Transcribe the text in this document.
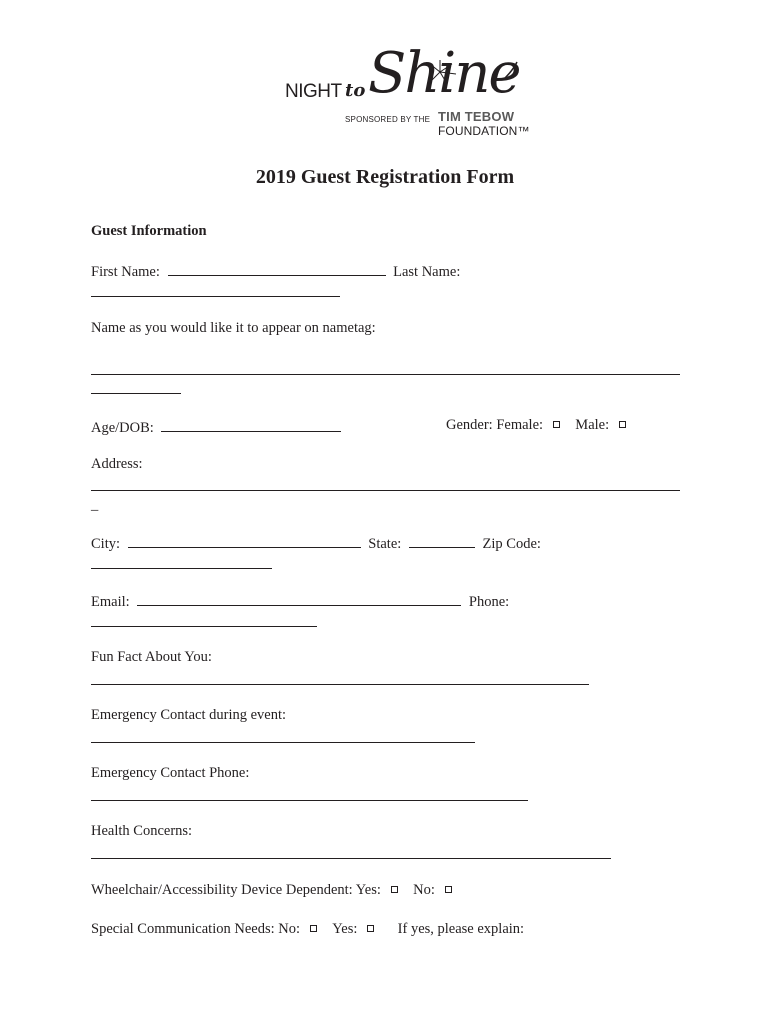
NIGHT to Shine
SPONSORED BY THE TIM TEBOW
FOUNDATION™
2019 Guest Registration Form
Guest Information
First Name:	Last Name:
Name as you would like it to appear on nametag:
Age/DOB:	Gender: Female: Male:
Address:
_
City:	State:	Zip Code:
Email:	Phone:
Fun Fact About You:
Emergency Contact during event:
Emergency Contact Phone:
Health Concerns:
Wheelchair/Accessibility Device Dependent: Yes: No:
Special Communication Needs: No: Yes:	If yes, please explain:
